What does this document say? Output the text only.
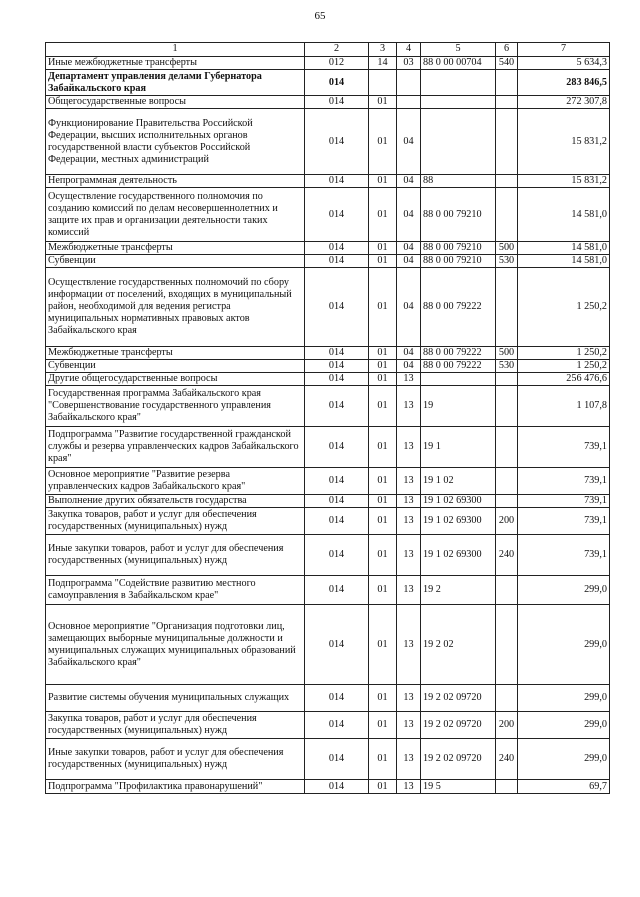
65
1	2	3	4	5	6	7
Иные межбюджетные трансферты	012	14	03	88 0 00 00704	540	5 634,3
Департамент управления делами Губернатора Забайкальского края	014					283 846,5
Общегосударственные вопросы	014	01				272 307,8
Функционирование Правительства Российской Федерации, высших исполнительных органов государственной власти субъектов Российской Федерации, местных администраций	014	01	04			15 831,2
Непрограммная деятельность	014	01	04	88		15 831,2
Осуществление государственного полномочия по созданию комиссий по делам несовершеннолетних и защите их прав и организации деятельности таких комиссий	014	01	04	88 0 00 79210		14 581,0
Межбюджетные трансферты	014	01	04	88 0 00 79210	500	14 581,0
Субвенции	014	01	04	88 0 00 79210	530	14 581,0
Осуществление государственных полномочий по сбору информации от поселений, входящих в муниципальный район, необходимой для ведения регистра муниципальных нормативных правовых актов Забайкальского края	014	01	04	88 0 00 79222		1 250,2
Межбюджетные трансферты	014	01	04	88 0 00 79222	500	1 250,2
Субвенции	014	01	04	88 0 00 79222	530	1 250,2
Другие общегосударственные вопросы	014	01	13			256 476,6
Государственная программа Забайкальского края "Совершенствование государственного управления Забайкальского края"	014	01	13	19		1 107,8
Подпрограмма "Развитие государственной гражданской службы и резерва управленческих кадров Забайкальского края"	014	01	13	19 1		739,1
Основное мероприятие "Развитие резерва управленческих кадров Забайкальского края"	014	01	13	19 1 02		739,1
Выполнение других обязательств государства	014	01	13	19 1 02 69300		739,1
Закупка товаров, работ и услуг для обеспечения государственных (муниципальных) нужд	014	01	13	19 1 02 69300	200	739,1
Иные закупки товаров, работ и услуг для обеспечения государственных (муниципальных) нужд	014	01	13	19 1 02 69300	240	739,1
Подпрограмма "Содействие развитию местного самоуправления в Забайкальском крае"	014	01	13	19 2		299,0
Основное мероприятие "Организация подготовки лиц, замещающих выборные муниципальные должности и муниципальных служащих муниципальных образований Забайкальского края"	014	01	13	19 2 02		299,0
Развитие системы обучения муниципальных служащих	014	01	13	19 2 02 09720		299,0
Закупка товаров, работ и услуг для обеспечения государственных (муниципальных) нужд	014	01	13	19 2 02 09720	200	299,0
Иные закупки товаров, работ и услуг для обеспечения государственных (муниципальных) нужд	014	01	13	19 2 02 09720	240	299,0
Подпрограмма "Профилактика правонарушений"	014	01	13	19 5		69,7
